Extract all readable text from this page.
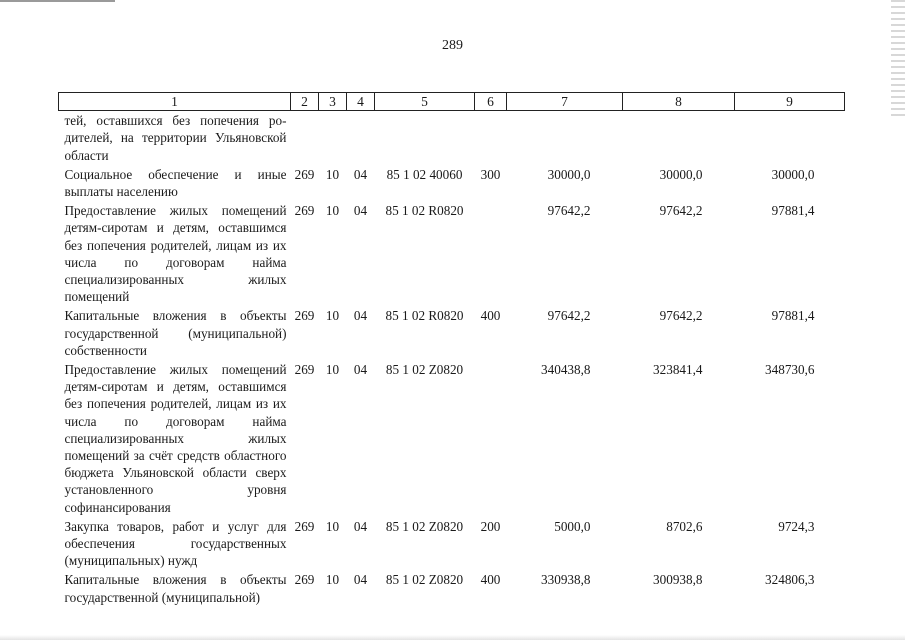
289
1	2	3	4	5	6	7	8	9
тей, оставшихся без попечения родителей, на территории Ульяновской области								
Социальное обеспечение и иные выплаты населению	269	10	04	85 1 02 40060	300	30000,0	30000,0	30000,0
Предоставление жилых помещений детям-сиротам и детям, оставшимся без попечения родителей, лицам из их числа по договорам найма специализированных жилых помещений	269	10	04	85 1 02 R0820		97642,2	97642,2	97881,4
Капитальные вложения в объекты государственной (муниципальной) собственности	269	10	04	85 1 02 R0820	400	97642,2	97642,2	97881,4
Предоставление жилых помещений детям-сиротам и детям, оставшимся без попечения родителей, лицам из их числа по договорам найма специализированных жилых помещений за счёт средств областного бюджета Ульяновской области сверх установленного уровня софинансирования	269	10	04	85 1 02 Z0820		340438,8	323841,4	348730,6
Закупка товаров, работ и услуг для обеспечения государственных (муниципальных) нужд	269	10	04	85 1 02 Z0820	200	5000,0	8702,6	9724,3
Капитальные вложения в объекты государственной (муниципальной)	269	10	04	85 1 02 Z0820	400	330938,8	300938,8	324806,3
